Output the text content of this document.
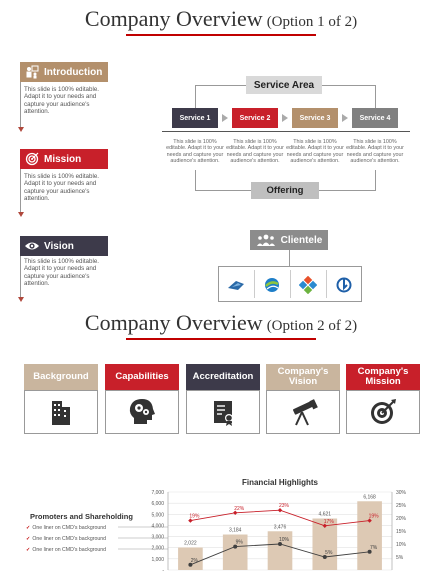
Company Overview (Option 1 of 2)
Introduction
This slide is 100% editable. Adapt it to your needs and capture your audience's attention.
Mission
This slide is 100% editable. Adapt it to your needs and capture your audience's attention.
Vision
This slide is 100% editable. Adapt it to your needs and capture your audience's attention.
Service Area
Service 1	Service 2	Service 3	Service 4
This slide is 100% editable. Adapt it to your needs and capture your audience's attention.
This slide is 100% editable. Adapt it to your needs and capture your audience's attention.
This slide is 100% editable. Adapt it to your needs and capture your audience's attention.
This slide is 100% editable. Adapt it to your needs and capture your audience's attention.
Offering
Clientele
Company Overview (Option 2 of 2)
Background	Capabilities	Accreditation	Company's Vision
Company's Mission
Promoters and Shareholding
✓ One liner on CMD's background
✓ One liner on CMD's background
✓ One liner on CMD's background
Financial Highlights
7,000
6,000
5,000
4,000
3,000
2,000
1,000
-
30%
25%
20%
15%
10%
5%
2,022
3,184
3,476
4,621
6,168
19%
22%	23%
17%
19%
2%
9%	10%
5%
7%
